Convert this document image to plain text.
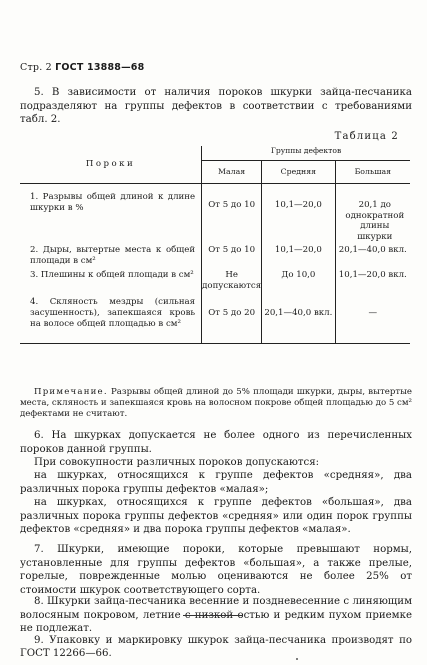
Стр. 2 ГОСТ 13888—68
5. В зависимости от наличия пороков шкурки зайца-песчаника подразделяют на группы дефектов в соответствии с требованиями табл. 2.
Таблица 2
Пороки	Группы дефектов		
	Малая	Средняя	Большая
1. Разрывы общей длиной к длине шкурки в %	От 5 до 10	10,1—20,0	20,1 до однократной длины шкурки
2. Дыры, вытертые места к общей площади в см²	От 5 до 10	10,1—20,0	20,1—40,0 вкл.
3. Плешины к общей площади в см²	Не допускаются	До 10,0	10,1—20,0 вкл.
4. Скляность мездры (сильная засушенность), запекшаяся кровь на волосе общей площадью в см²	От 5 до 20	20,1—40,0 вкл.	—
Примечание. Разрывы общей длиной до 5% площади шкурки, дыры, вытертые места, скляность и запекшаяся кровь на волосном покрове общей площадью до 5 см² дефектами не считают.
6. На шкурках допускается не более одного из перечисленных пороков данной группы.
При совокупности различных пороков допускаются:
на шкурках, относящихся к группе дефектов «средняя», два различных порока группы дефектов «малая»;
на шкурках, относящихся к группе дефектов «большая», два различных порока группы дефектов «средняя» или один порок группы дефектов «средняя» и два порока группы дефектов «малая».
7. Шкурки, имеющие пороки, которые превышают нормы, установленные для группы дефектов «большая», а также прелые, горелые, поврежденные молью оцениваются не более 25% от стоимости шкурок соответствующего сорта.
8. Шкурки зайца-песчаника весенние и поздневесенние с линяющим волосяным покровом, летние с низкой остью и редким пухом приемке не подлежат.
9. Упаковку и маркировку шкурок зайца-песчаника производят по ГОСТ 12266—66.
